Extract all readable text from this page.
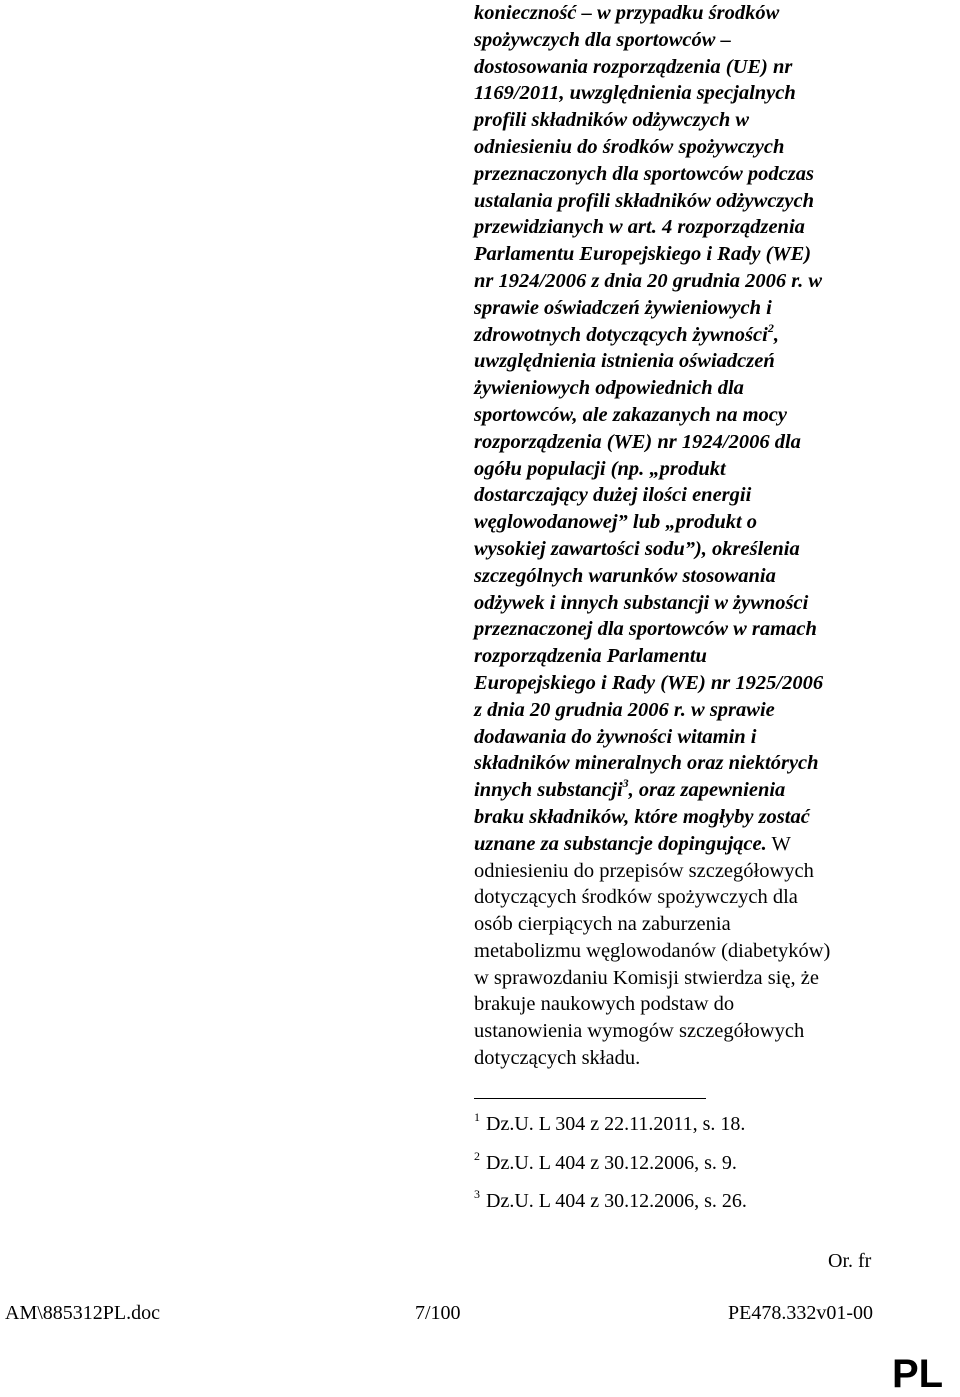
konieczność – w przypadku środków
spożywczych dla sportowców –
dostosowania rozporządzenia (UE) nr
1169/2011, uwzględnienia specjalnych
profili składników odżywczych w
odniesieniu do środków spożywczych
przeznaczonych dla sportowców podczas
ustalania profili składników odżywczych
przewidzianych w art. 4 rozporządzenia
Parlamentu Europejskiego i Rady (WE)
nr 1924/2006 z dnia 20 grudnia 2006 r. w
sprawie oświadczeń żywieniowych i
zdrowotnych dotyczących żywności$^2$,
uwzględnienia istnienia oświadczeń
żywieniowych odpowiednich dla
sportowców, ale zakazanych na mocy
rozporządzenia (WE) nr 1924/2006 dla
ogółu populacji (np. „produkt
dostarczający dużej ilości energii
węglowodanowej” lub „produkt o
wysokiej zawartości sodu”), określenia
szczególnych warunków stosowania
odżywek i innych substancji w żywności
przeznaczonej dla sportowców w ramach
rozporządzenia Parlamentu
Europejskiego i Rady (WE) nr 1925/2006
z dnia 20 grudnia 2006 r. w sprawie
dodawania do żywności witamin i
składników mineralnych oraz niektórych
innych substancji$^3$, oraz zapewnienia
braku składników, które mogłyby zostać
uznane za substancje dopingujące. W
odniesieniu do przepisów szczegółowych
dotyczących środków spożywczych dla
osób cierpiących na zaburzenia
metabolizmu węglowodanów (diabetyków)
w sprawozdaniu Komisji stwierdza się, że
brakuje naukowych podstaw do
ustanowienia wymogów szczegółowych
dotyczących składu.
$^1$ Dz.U. L 304 z 22.11.2011, s. 18.
$^2$ Dz.U. L 404 z 30.12.2006, s. 9.
$^3$ Dz.U. L 404 z 30.12.2006, s. 26.
Or. fr
AM\885312PL.doc	7/100	PE478.332v01-00
PL
